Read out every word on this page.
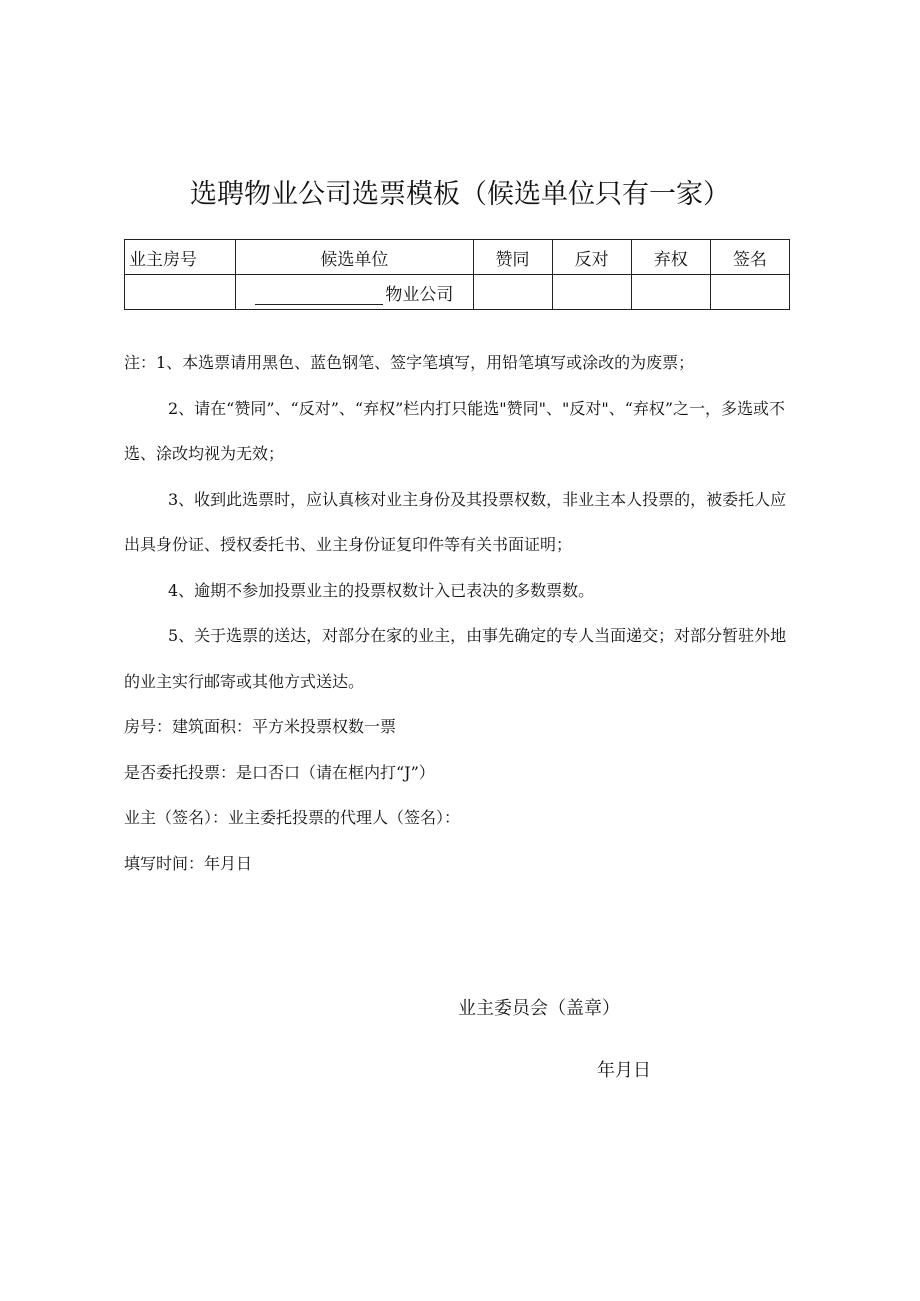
选聘物业公司选票模板（候选单位只有一家）
业主房号	候选单位	赞同	反对	弃权	签名
	物业公司				

注：1、本选票请用黑色、蓝色钢笔、签字笔填写，用铅笔填写或涂改的为废票；

2、请在“赞同”、“反对”、“弃权”栏内打只能选"赞同"、"反对"、“弃权”之一，多选或不选、涂改均视为无效；

3、收到此选票时，应认真核对业主身份及其投票权数，非业主本人投票的，被委托人应出具身份证、授权委托书、业主身份证复印件等有关书面证明；

4、逾期不参加投票业主的投票权数计入已表决的多数票数。

5、关于选票的送达，对部分在家的业主，由事先确定的专人当面递交；对部分暂驻外地的业主实行邮寄或其他方式送达。

房号：建筑面积：平方米投票权数一票

是否委托投票：是口否口（请在框内打“J”）

业主（签名）：业主委托投票的代理人（签名）：

填写时间：年月日

业主委员会（盖章）
年月日
